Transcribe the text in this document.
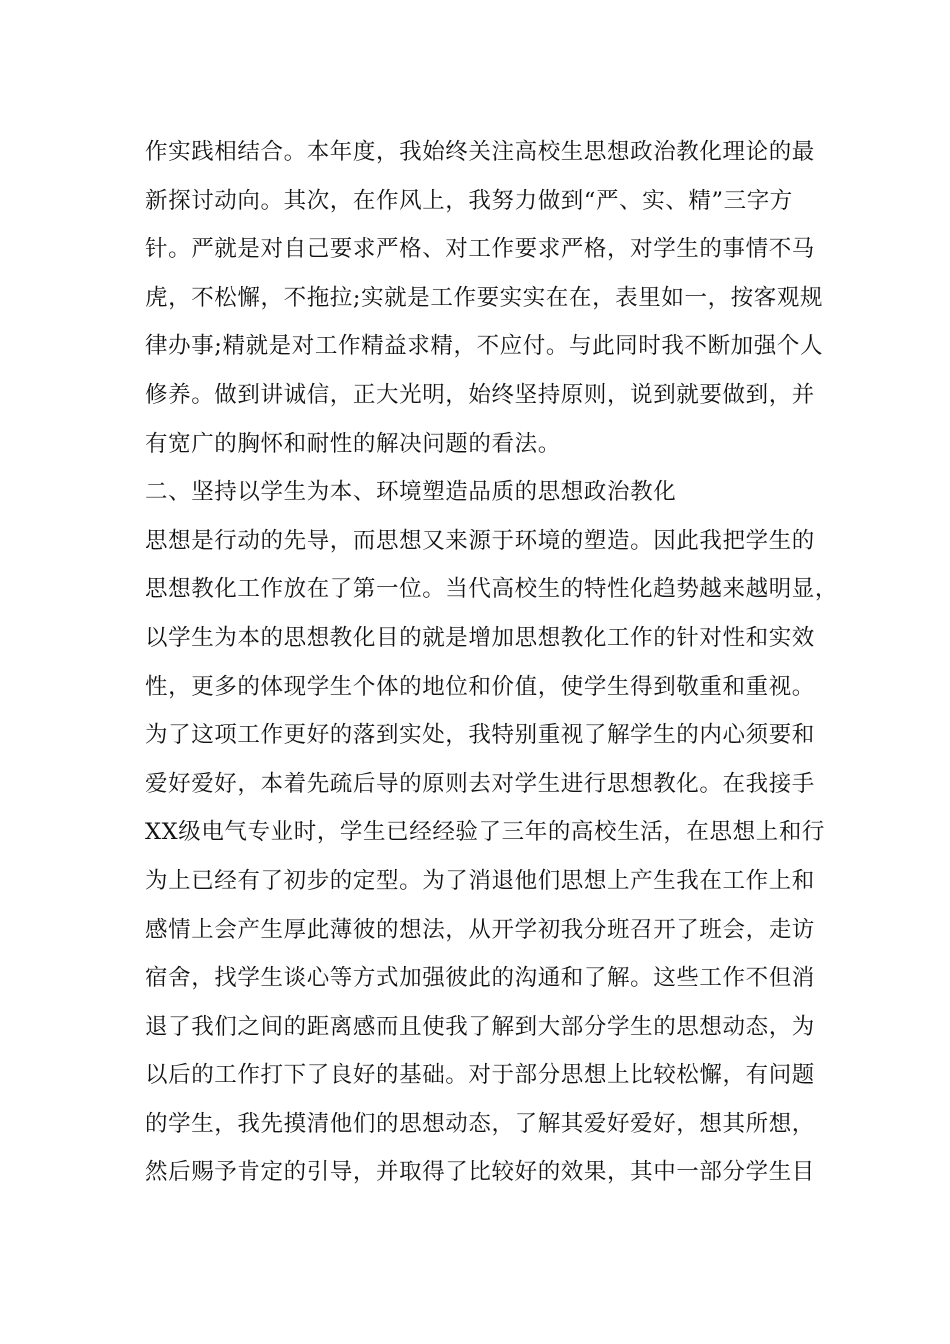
作实践相结合。本年度，我始终关注高校生思想政治教化理论的最
新探讨动向。其次，在作风上，我努力做到“严、实、精”三字方
针。严就是对自己要求严格、对工作要求严格，对学生的事情不马
虎，不松懈，不拖拉;实就是工作要实实在在，表里如一，按客观规
律办事;精就是对工作精益求精，不应付。与此同时我不断加强个人
修养。做到讲诚信，正大光明，始终坚持原则，说到就要做到，并
有宽广的胸怀和耐性的解决问题的看法。
二、坚持以学生为本、环境塑造品质的思想政治教化
思想是行动的先导，而思想又来源于环境的塑造。因此我把学生的
思想教化工作放在了第一位。当代高校生的特性化趋势越来越明显，
以学生为本的思想教化目的就是增加思想教化工作的针对性和实效
性，更多的体现学生个体的地位和价值，使学生得到敬重和重视。
为了这项工作更好的落到实处，我特别重视了解学生的内心须要和
爱好爱好，本着先疏后导的原则去对学生进行思想教化。在我接手
XX级电气专业时，学生已经经验了三年的高校生活，在思想上和行
为上已经有了初步的定型。为了消退他们思想上产生我在工作上和
感情上会产生厚此薄彼的想法，从开学初我分班召开了班会，走访
宿舍，找学生谈心等方式加强彼此的沟通和了解。这些工作不但消
退了我们之间的距离感而且使我了解到大部分学生的思想动态，为
以后的工作打下了良好的基础。对于部分思想上比较松懈，有问题
的学生，我先摸清他们的思想动态，了解其爱好爱好，想其所想，
然后赐予肯定的引导，并取得了比较好的效果，其中一部分学生目
